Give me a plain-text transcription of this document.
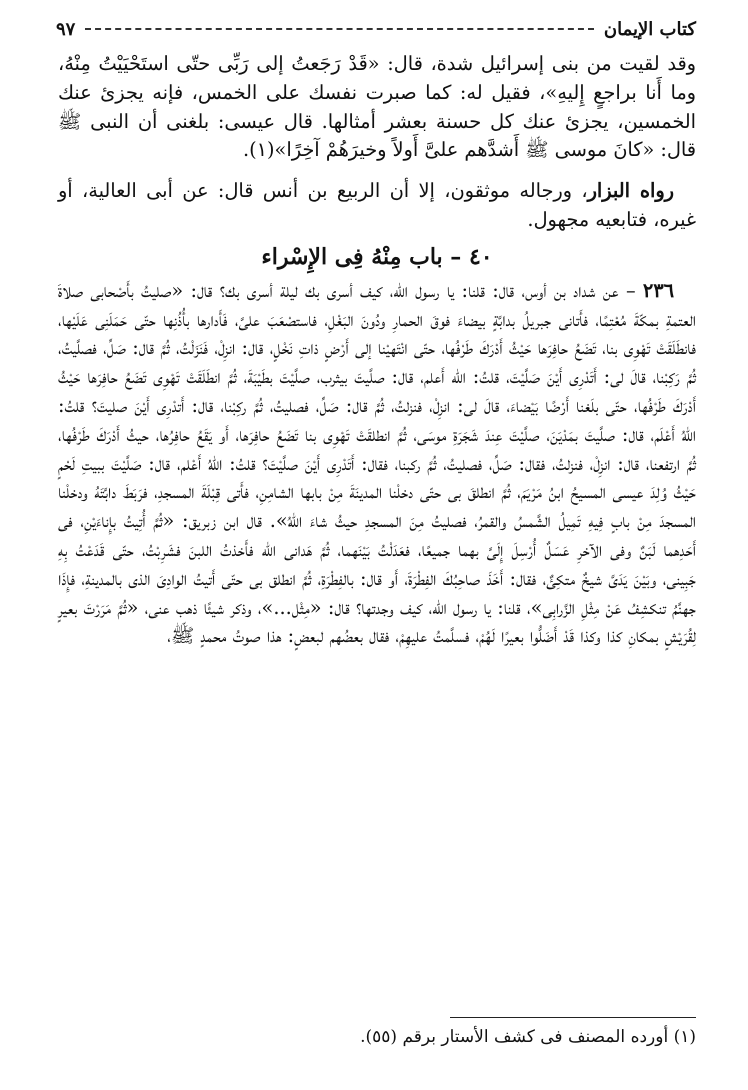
كتاب الإيمان
٩٧

وقد لقيت من بنى إسرائيل شدة، قال: «قَدْ رَجَعتُ إلى رَبِّى حتّى استَحْيَيْتُ مِنْهُ، وما أَنا براجعٍ إِليهِ»، فقيل له: كما صبرت نفسك على الخمس، فإنه يجزئ عنك الخمسين، يجزئ عنك كل حسنة بعشر أمثالها. قال عيسى: بلغنى أن النبى ﷺ قال: «كانَ موسى ﷺ أَشدَّهم علىَّ أَولاً وخيرَهُمْ آخِرًا»(١).

رواه البزار، ورجاله موثقون، إلا أن الربيع بن أنس قال: عن أبى العالية، أو غيره، فتابعيه مجهول.

٤٠ – باب مِنْهُ فِى الإِسْراء

٢٣٦ – عن شداد بن أوس، قال: قلنا: يا رسول الله، كيف أسرى بك ليلة أسرى بك؟ قال: «صليتُ بأَصْحابى صلاةَ العتمةِ بمكّةَ مُعْتِمًا، فأَتانى جبريلُ بدابَّةٍ بيضاءَ فوقَ الحمارِ ودُونَ البَغْلِ، فاستصْعَبَ علىَّ، فَأَدارها بأُذُنِها حتّى حَمَلَنِى عَلَيْها، فانطَلَقَتْ تَهْوِى بنا، تَضَعُ حافِرَها حَيْثُ أَدْرَكَ طَرْفُها، حتّى انْتَهيْنا إلى أَرْضٍ ذاتِ نَخْلٍ، قال: انزِلْ، فَنَزَلْتُ، ثُمَّ قال: صَلِّ، فصلَّيتُ، ثُمَّ رَكِبْنا، قالَ لى: أَتَدْرِى أَيْنَ صَلَّيْتَ، قلتُ: الله أَعلم، قال: صلَّيتَ بيثرب، صلَّيْتَ بطَيْبَةَ، ثُمَّ انطَلَقَتْ تَهْوِى تَضَعُ حافِرَها حَيْثُ أَدْرَكَ طَرْفُها، حتّى بلَغنا أَرْضًا بَيْضاءَ، قالَ لى: انزِلْ، فنزلتُ، ثُمَّ قال: صَلِّ، فصليتُ، ثُمَّ ركِبْنا، قال: أَتدْرِى أَيْنَ صليتَ؟ قلتُ: اللهُ أَعْلَم، قال: صلَّيتَ بمَدْيَنَ، صلَّيْتَ عِندَ شَجَرَةِ موسَى، ثُمَّ انطلقَتْ تَهْوِى بنا تَضَعُ حافِرَها، أَو يَقَعُ حافِرُها، حيثُ أَدْرَكَ طَرْفُها، ثُمَّ ارتفعنا، قال: انزِلْ، فنزلتُ، فقال: صَلِّ، فصليتُ، ثُمَّ ركبنا، فقال: أَتَدْرِى أَيْنَ صلَّيْتَ؟ قلتُ: اللهُ أَعْلم، قال: صَلَّيْتَ ببيتِ لَحْمٍ حَيْثُ وُلِدَ عيسى المسيحُ ابنُ مَرْيَمَ، ثُمَّ انطلقَ بى حتّى دخلْنا المدينَةَ مِنْ بابها الشامِنِ، فأَتى قِبْلَةَ المسجدِ، فرَبَطَ دابَّتَهُ ودخلْنا المسجدَ مِنْ بابٍ فِيهِ تَمِيلُ الشَّمسُ والقمرُ، فصليتُ مِنَ المسجدِ حيثُ شاءَ اللهُ». قال ابن زبريق: «ثُمَّ أُتِيتُ بإِناءَيْنِ، فى أَحَدِهما لَبَنٌ وفى الآخرِ عَسَلٌ أُرْسِلَ إِلَىَّ بهما جميعًا، فعَدَلْتُ بَيْنَهما، ثُمَّ هَدانى الله فأَخذتُ اللبنَ فشَرِبْتُ، حتّى قَدَعْتُ بِهِ جَبِينى، وبَيْنَ يَدَىَّ شيخٌ متكِئٌ، فقال: أَخَذَ صاحِبُكَ الفِطْرَةَ، أَو قال: بالفِطْرَةِ، ثُمَّ انطلق بى حتّى أَتيتُ الوادِىَ الذى بالمدينةِ، فإِذَا جهنَّمُ تنكشِفُ عَنْ مِثْلِ الزَّرابِى»، قلنا: يا رسول الله، كيف وجدتها؟ قال: «مِثْل...»، وذكر شيئًا ذهب عنى، «ثُمَّ مَرَرْتَ بعيرٍ لِقُرَيْشٍ بمكانِ كذا وكذا قَدْ أَضَلُّوا بعيرًا لَهُمْ، فسلَّمتُ عليهِمْ، فقال بعضُهم لبعضٍ: هذا صوتُ محمدٍ ﷺ،

(١) أورده المصنف فى كشف الأستار برقم (٥٥).
